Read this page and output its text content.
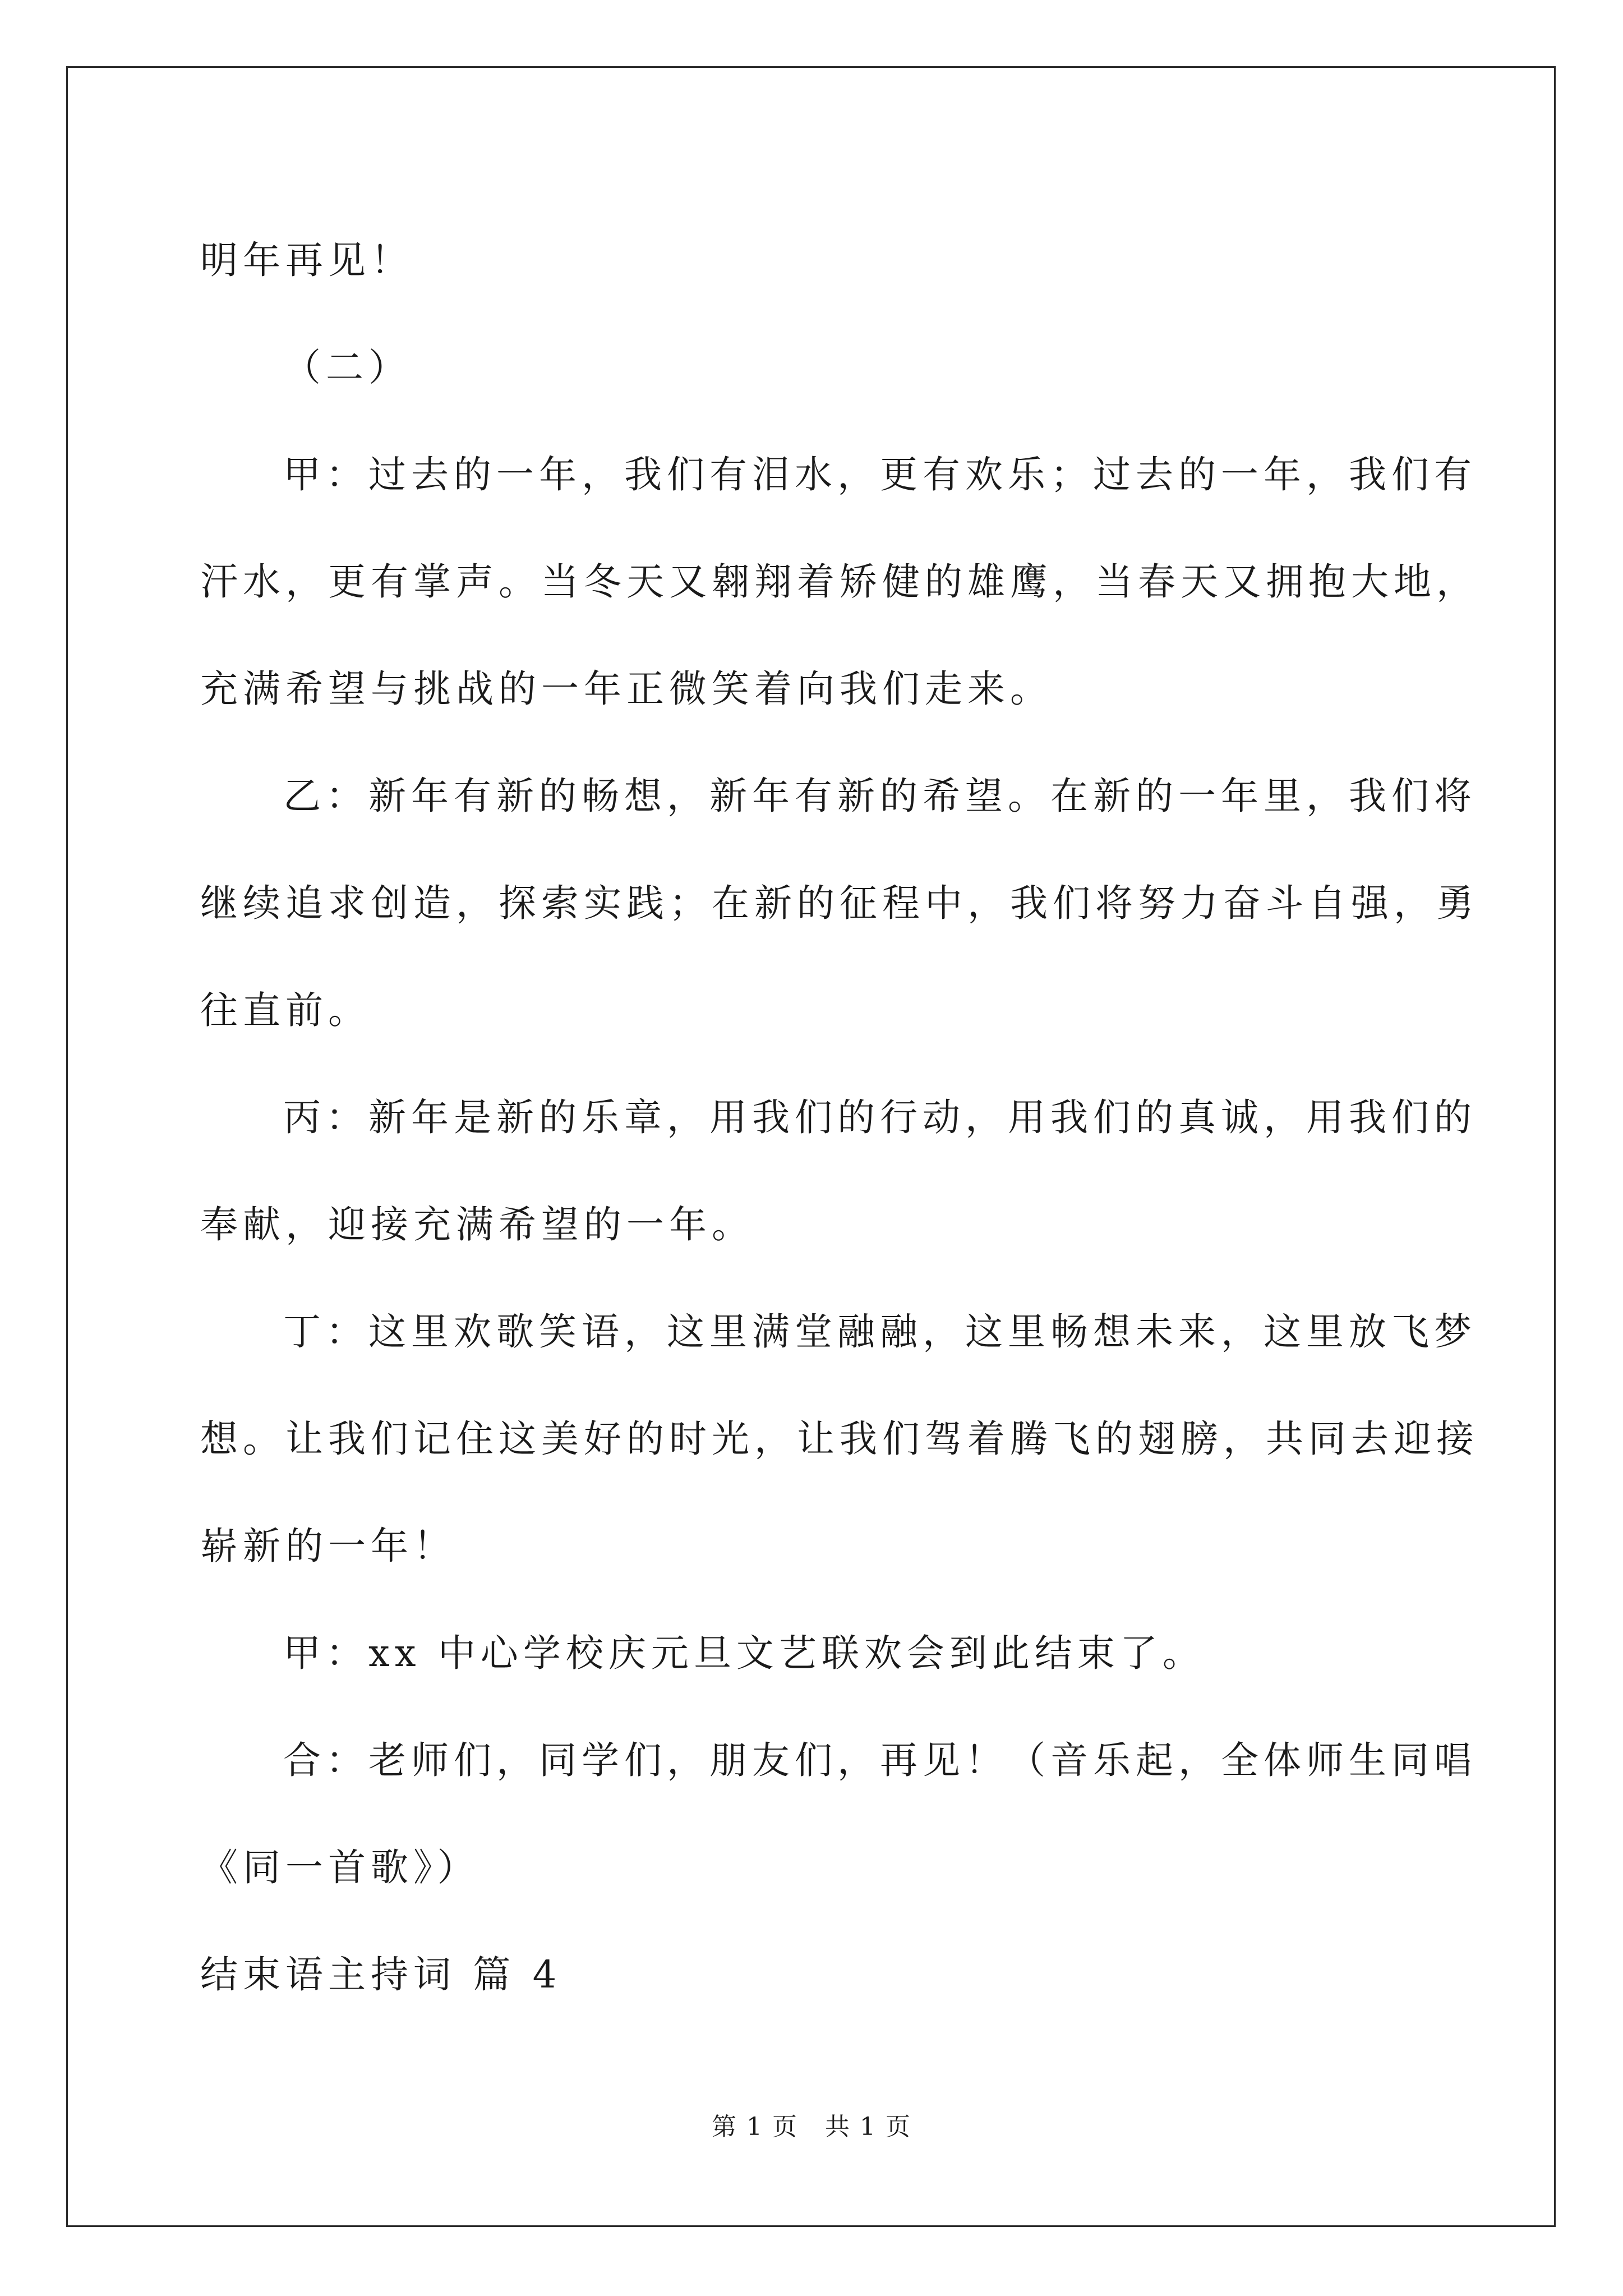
明年再见！

（二）

甲：过去的一年，我们有泪水，更有欢乐；过去的一年，我们有

汗水，更有掌声。当冬天又翱翔着矫健的雄鹰，当春天又拥抱大地，

充满希望与挑战的一年正微笑着向我们走来。

乙：新年有新的畅想，新年有新的希望。在新的一年里，我们将

继续追求创造，探索实践；在新的征程中，我们将努力奋斗自强，勇

往直前。

丙：新年是新的乐章，用我们的行动，用我们的真诚，用我们的

奉献，迎接充满希望的一年。

丁：这里欢歌笑语，这里满堂融融，这里畅想未来，这里放飞梦

想。让我们记住这美好的时光，让我们驾着腾飞的翅膀，共同去迎接

崭新的一年！

甲：xx 中心学校庆元旦文艺联欢会到此结束了。

合：老师们，同学们，朋友们，再见！（音乐起，全体师生同唱

《同一首歌》）

结束语主持词 篇 4

第 1 页   共 1 页
